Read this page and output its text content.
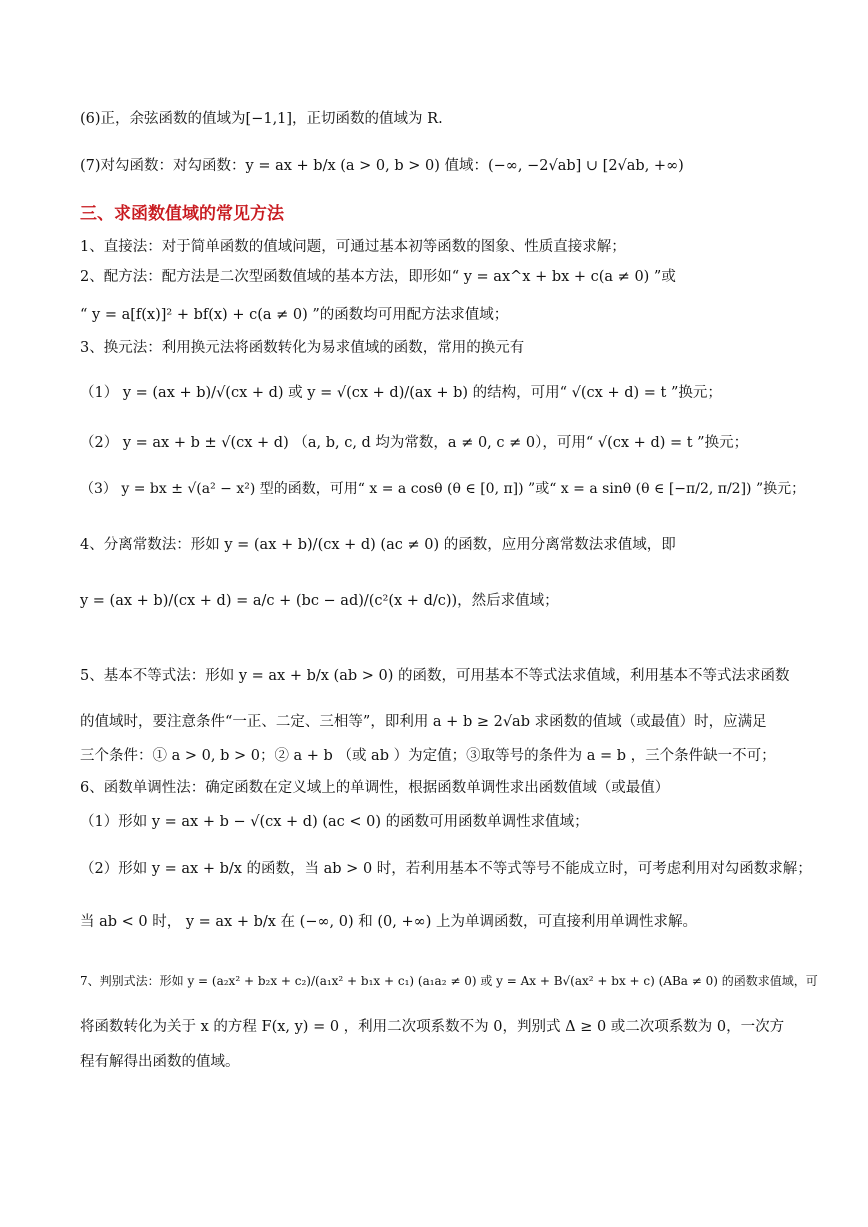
(6)正，余弦函数的值域为[−1,1]，正切函数的值域为 R.
(7)对勾函数：对勾函数：y = ax + b/x (a > 0, b > 0) 值域：(−∞, −2√ab] ∪ [2√ab, +∞)
三、求函数值域的常见方法
1、直接法：对于简单函数的值域问题，可通过基本初等函数的图象、性质直接求解；
2、配方法：配方法是二次型函数值域的基本方法，即形如“ y = ax^x + bx + c(a ≠ 0) ”或
“ y = a[f(x)]² + bf(x) + c(a ≠ 0) ”的函数均可用配方法求值域；
3、换元法：利用换元法将函数转化为易求值域的函数，常用的换元有
（1） y = (ax + b)/√(cx + d) 或 y = √(cx + d)/(ax + b) 的结构，可用“ √(cx + d) = t ”换元；
（2） y = ax + b ± √(cx + d) （a, b, c, d 均为常数，a ≠ 0, c ≠ 0），可用“ √(cx + d) = t ”换元；
（3） y = bx ± √(a² − x²) 型的函数，可用“ x = a cosθ (θ ∈ [0, π]) ”或“ x = a sinθ (θ ∈ [−π/2, π/2]) ”换元；
4、分离常数法：形如 y = (ax + b)/(cx + d) (ac ≠ 0) 的函数，应用分离常数法求值域，即
y = (ax + b)/(cx + d) = a/c + (bc − ad)/(c²(x + d/c))，然后求值域；
5、基本不等式法：形如 y = ax + b/x (ab > 0) 的函数，可用基本不等式法求值域，利用基本不等式法求函数
的值域时，要注意条件“一正、二定、三相等”，即利用 a + b ≥ 2√ab 求函数的值域（或最值）时，应满足
三个条件：① a > 0, b > 0；② a + b （或 ab ）为定值；③取等号的条件为 a = b ，三个条件缺一不可；
6、函数单调性法：确定函数在定义域上的单调性，根据函数单调性求出函数值域（或最值）
（1）形如 y = ax + b − √(cx + d) (ac < 0) 的函数可用函数单调性求值域；
（2）形如 y = ax + b/x 的函数，当 ab > 0 时，若利用基本不等式等号不能成立时，可考虑利用对勾函数求解；
当 ab < 0 时， y = ax + b/x 在 (−∞, 0) 和 (0, +∞) 上为单调函数，可直接利用单调性求解。
7、判别式法：形如 y = (a₂x² + b₂x + c₂)/(a₁x² + b₁x + c₁) (a₁a₂ ≠ 0) 或 y = Ax + B√(ax² + bx + c) (ABa ≠ 0) 的函数求值域，可
将函数转化为关于 x 的方程 F(x, y) = 0 ，利用二次项系数不为 0，判别式 Δ ≥ 0 或二次项系数为 0，一次方
程有解得出函数的值域。
